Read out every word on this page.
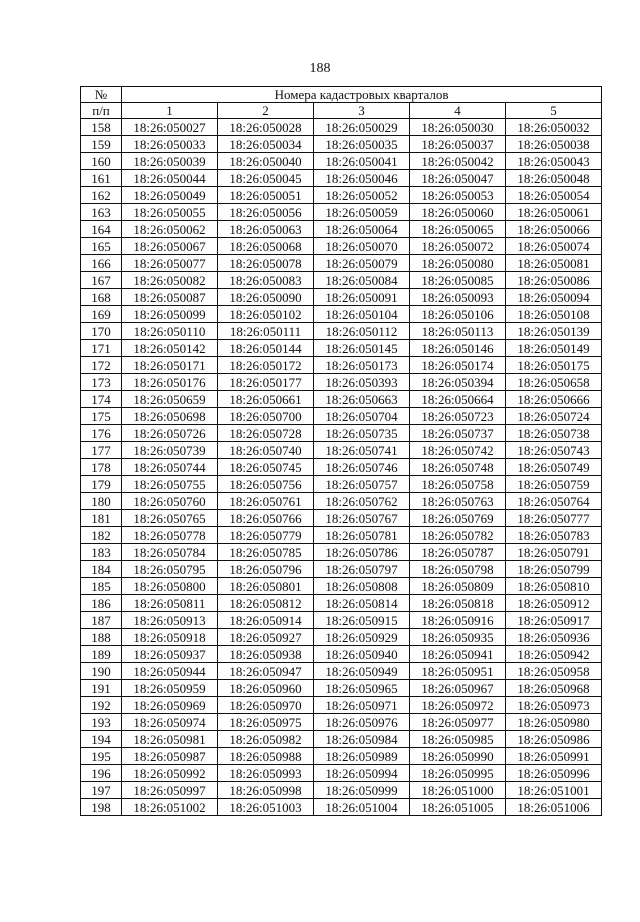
188
№	Номера кадастровых кварталов				
п/п	1	2	3	4	5
158	18:26:050027	18:26:050028	18:26:050029	18:26:050030	18:26:050032
159	18:26:050033	18:26:050034	18:26:050035	18:26:050037	18:26:050038
160	18:26:050039	18:26:050040	18:26:050041	18:26:050042	18:26:050043
161	18:26:050044	18:26:050045	18:26:050046	18:26:050047	18:26:050048
162	18:26:050049	18:26:050051	18:26:050052	18:26:050053	18:26:050054
163	18:26:050055	18:26:050056	18:26:050059	18:26:050060	18:26:050061
164	18:26:050062	18:26:050063	18:26:050064	18:26:050065	18:26:050066
165	18:26:050067	18:26:050068	18:26:050070	18:26:050072	18:26:050074
166	18:26:050077	18:26:050078	18:26:050079	18:26:050080	18:26:050081
167	18:26:050082	18:26:050083	18:26:050084	18:26:050085	18:26:050086
168	18:26:050087	18:26:050090	18:26:050091	18:26:050093	18:26:050094
169	18:26:050099	18:26:050102	18:26:050104	18:26:050106	18:26:050108
170	18:26:050110	18:26:050111	18:26:050112	18:26:050113	18:26:050139
171	18:26:050142	18:26:050144	18:26:050145	18:26:050146	18:26:050149
172	18:26:050171	18:26:050172	18:26:050173	18:26:050174	18:26:050175
173	18:26:050176	18:26:050177	18:26:050393	18:26:050394	18:26:050658
174	18:26:050659	18:26:050661	18:26:050663	18:26:050664	18:26:050666
175	18:26:050698	18:26:050700	18:26:050704	18:26:050723	18:26:050724
176	18:26:050726	18:26:050728	18:26:050735	18:26:050737	18:26:050738
177	18:26:050739	18:26:050740	18:26:050741	18:26:050742	18:26:050743
178	18:26:050744	18:26:050745	18:26:050746	18:26:050748	18:26:050749
179	18:26:050755	18:26:050756	18:26:050757	18:26:050758	18:26:050759
180	18:26:050760	18:26:050761	18:26:050762	18:26:050763	18:26:050764
181	18:26:050765	18:26:050766	18:26:050767	18:26:050769	18:26:050777
182	18:26:050778	18:26:050779	18:26:050781	18:26:050782	18:26:050783
183	18:26:050784	18:26:050785	18:26:050786	18:26:050787	18:26:050791
184	18:26:050795	18:26:050796	18:26:050797	18:26:050798	18:26:050799
185	18:26:050800	18:26:050801	18:26:050808	18:26:050809	18:26:050810
186	18:26:050811	18:26:050812	18:26:050814	18:26:050818	18:26:050912
187	18:26:050913	18:26:050914	18:26:050915	18:26:050916	18:26:050917
188	18:26:050918	18:26:050927	18:26:050929	18:26:050935	18:26:050936
189	18:26:050937	18:26:050938	18:26:050940	18:26:050941	18:26:050942
190	18:26:050944	18:26:050947	18:26:050949	18:26:050951	18:26:050958
191	18:26:050959	18:26:050960	18:26:050965	18:26:050967	18:26:050968
192	18:26:050969	18:26:050970	18:26:050971	18:26:050972	18:26:050973
193	18:26:050974	18:26:050975	18:26:050976	18:26:050977	18:26:050980
194	18:26:050981	18:26:050982	18:26:050984	18:26:050985	18:26:050986
195	18:26:050987	18:26:050988	18:26:050989	18:26:050990	18:26:050991
196	18:26:050992	18:26:050993	18:26:050994	18:26:050995	18:26:050996
197	18:26:050997	18:26:050998	18:26:050999	18:26:051000	18:26:051001
198	18:26:051002	18:26:051003	18:26:051004	18:26:051005	18:26:051006
